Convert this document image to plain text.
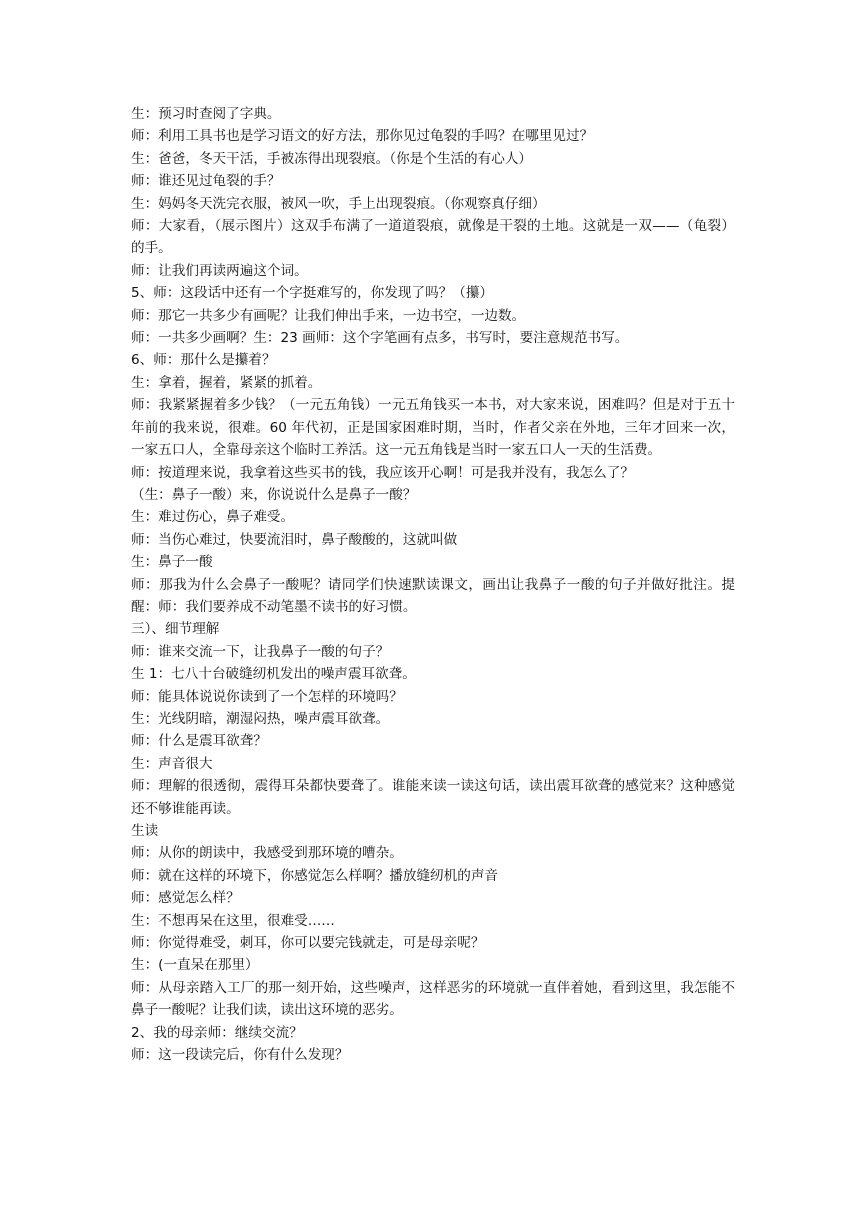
生：预习时查阅了字典。

师：利用工具书也是学习语文的好方法，那你见过龟裂的手吗？在哪里见过？

生：爸爸，冬天干活，手被冻得出现裂痕。（你是个生活的有心人）

师：谁还见过龟裂的手？

生：妈妈冬天洗完衣服，被风一吹，手上出现裂痕。（你观察真仔细）

师：大家看，（展示图片）这双手布满了一道道裂痕，就像是干裂的土地。这就是一双——（龟裂）的手。

师：让我们再读两遍这个词。

5、师：这段话中还有一个字挺难写的，你发现了吗？（攥）

师：那它一共多少有画呢？让我们伸出手来，一边书空，一边数。

师：一共多少画啊？生：23 画师：这个字笔画有点多，书写时，要注意规范书写。

6、师：那什么是攥着？

生：拿着，握着，紧紧的抓着。

师：我紧紧握着多少钱？（一元五角钱）一元五角钱买一本书，对大家来说，困难吗？但是对于五十年前的我来说，很难。60 年代初，正是国家困难时期，当时，作者父亲在外地，三年才回来一次，一家五口人，全靠母亲这个临时工养活。这一元五角钱是当时一家五口人一天的生活费。

师：按道理来说，我拿着这些买书的钱，我应该开心啊！可是我并没有，我怎么了？

（生：鼻子一酸）来，你说说什么是鼻子一酸？

生：难过伤心，鼻子难受。

师：当伤心难过，快要流泪时，鼻子酸酸的，这就叫做

生：鼻子一酸

师：那我为什么会鼻子一酸呢？请同学们快速默读课文，画出让我鼻子一酸的句子并做好批注。提醒：师：我们要养成不动笔墨不读书的好习惯。

三）、细节理解

师：谁来交流一下，让我鼻子一酸的句子？

生 1：七八十台破缝纫机发出的噪声震耳欲聋。

师：能具体说说你读到了一个怎样的环境吗？

生：光线阴暗，潮湿闷热，噪声震耳欲聋。

师：什么是震耳欲聋？

生：声音很大

师：理解的很透彻，震得耳朵都快要聋了。谁能来读一读这句话，读出震耳欲聋的感觉来？这种感觉还不够谁能再读。

生读

师：从你的朗读中，我感受到那环境的嘈杂。

师：就在这样的环境下，你感觉怎么样啊？播放缝纫机的声音

师：感觉怎么样？

生：不想再呆在这里，很难受……

师：你觉得难受，刺耳，你可以要完钱就走，可是母亲呢？

生：(一直呆在那里）

师：从母亲踏入工厂的那一刻开始，这些噪声，这样恶劣的环境就一直伴着她，看到这里，我怎能不鼻子一酸呢？让我们读，读出这环境的恶劣。

2、我的母亲师：继续交流？

师：这一段读完后，你有什么发现？
